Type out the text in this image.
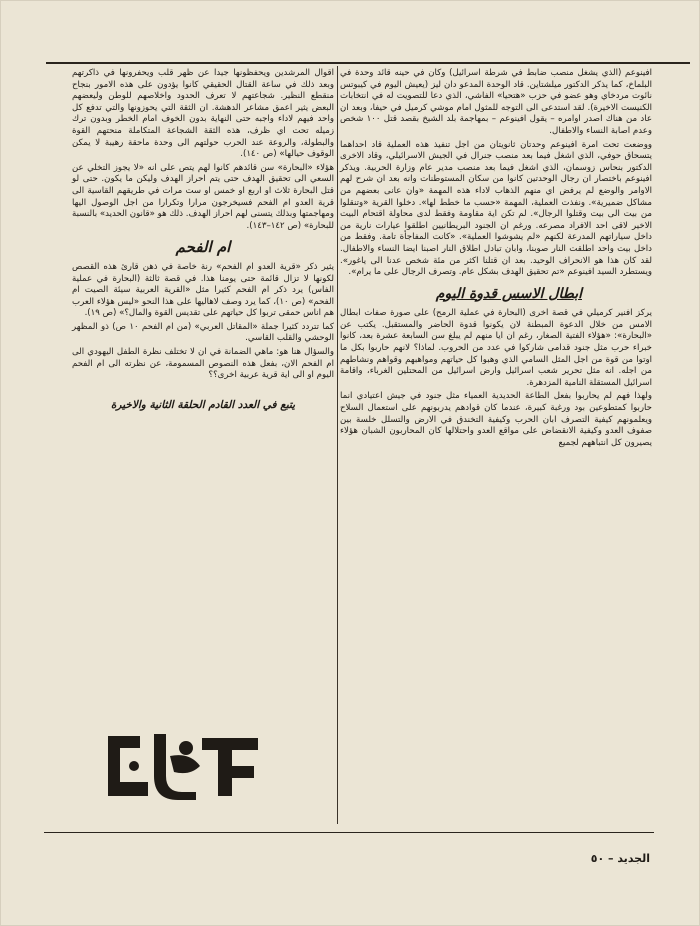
افينوعم (الذي يشغل منصب ضابط في شرطة اسرائيل) وكان في حينه قائد وحدة في البلماخ، كما يذكر الدكتور ميلشتاين. قاد الوحدة المدعو دان ليز (يعيش اليوم في كيبوتس نائوت مردخاي وهو عضو في حزب «هتحيا» الفاشي، الذي دعا للتصويت له في انتخابات الكنيست الاخيرة). لقد استدعى الى التوجه للمثول امام موشي كرميل في حيفا، وبعد ان عاد من هناك اصدر اوامره – يقول افينوعم – بمهاجمة بلد الشيخ بقصد قتل ١٠٠ شخص وعدم اصابة النساء والاطفال.

ووضعت تحت امرة افينوعم وحدتان ثانويتان من اجل تنفيذ هذه العملية قاد احداهما يتسحاق حوفي، الذي اشغل فيما بعد منصب جنرال في الجيش الاسرائيلي، وقاد الاخرى الدكتور بنحاس زوسمان، الذي اشغل فيما بعد منصب مدير عام وزارة الحربية. ويذكر افينوعم باختصار ان رجال الوحدتين كانوا من سكان المستوطنات وانه بعد ان شرح لهم الاوامر والوضع لم يرفض اي منهم الذهاب لاداء هذه المهمة «وان عانى بعضهم من مشاكل ضميرية». ونفذت العملية، المهمة «حسب ما خطط لها». دخلوا القرية «وتنقلوا من بيت الى بيت وقتلوا الرجال». لم تكن اية مقاومة وفقط لدى محاولة اقتحام البيت الاخير لاقى احد الافراد مصرعه. ورغم ان الجنود البريطانيين اطلقوا عيارات نارية من داخل سياراتهم المدرعة لكنهم «لم يشوشوا العملية». «كانت المفاجأة تامة. وفقط من داخل بيت واحد اطلقت النار صوبنا، وابان تبادل اطلاق النار اصبنا ايضا النساء والاطفال. لقد كان هذا هو الانحراف الوحيد. بعد ان قتلنا اكثر من مئة شخص عدنا الى ياغور». ويستطرد السيد افينوعم «تم تحقيق الهدف بشكل عام. وتصرف الرجال على ما يرام».

ابطال الاسس قدوة اليوم

يركز افنير كرميلي في قصة اخرى (البحارة في عملية الرمح) على صورة صفات ابطال الامس من خلال الدعوة المبطنة لان يكونوا قدوة الحاضر والمستقبل. يكتب عن «البحارة»: «هؤلاء الفتية الصغار، رغم ان ايا منهم لم يبلغ سن السابعة عشرة بعد، كانوا خبراء حرب مثل جنود قدامى شاركوا في عدد من الحروب. لماذا؟ لانهم حاربوا بكل ما اوتوا من قوة من اجل المثل السامي الذي وهبوا كل حياتهم ومواهبهم وقواهم ونشاطهم من اجله. انه مثل تحرير شعب اسرائيل وارض اسرائيل من المحتلين الغرباء، واقامة اسرائيل المستقلة النامية المزدهرة.

ولهذا فهم لم يحاربوا بفعل الطاعة الحديدية العمياء مثل جنود في جيش اعتيادي انما حاربوا كمتطوعين بود ورغبة كبيرة، عندما كان قوادهم يدربونهم على استعمال السلاح ويعلمونهم كيفية التصرف ابان الحرب وكيفية التخندق في الارض والتسلل خلسة بين صفوف العدو وكيفية الانقضاض على مواقع العدو واحتلالها كان المحاربون الشبان هؤلاء يصيرون كل انتباههم لجميع

اقوال المرشدين ويحفظونها جيدا عن ظهر قلب ويحفرونها في ذاكرتهم وبعد ذلك في ساعة القتال الحقيقي كانوا يؤدون على هذه الامور بنجاح منقطع النظير. شجاعتهم لا تعرف الحدود واخلاصهم للوطن وليعضهم البعض يثير اعمق مشاعر الدهشة. ان الثقة التي يحوزونها والتي تدفع كل واحد فيهم لاداء واجبه حتى النهاية بدون الخوف امام الخطر وبدون ترك زميله تحت اي ظرف، هذه الثقة الشجاعة المتكاملة منحتهم القوة والبطولة، والروعة عند الحرب حولتهم الى وحدة ماحقة رهيبة لا يمكن الوقوف حيالها» (ص ١٤٠).

هؤلاء «البحارة» سن قائدهم كانوا لهم يتص على انه «لا يجوز التخلي عن السعي الى تحقيق الهدف حتى يتم احراز الهدف وليكن ما يكون. حتى لو قتل البحارة ثلاث او اربع او خمس او ست مرات في طريقهم القاسية الى قرية العدو ام الفحم فسيخرجون مرارا وتكرارا من اجل الوصول اليها ومهاجمتها وبذلك يتسنى لهم احراز الهدف. ذلك هو «قانون الحديد» بالنسبة للبحارة» (ص ١٤٢–١٤٣).

ام الفحم

يثير ذكر «قرية العدو ام الفحم» رنة خاصة في ذهن قارئ هذه القصص لكونها لا تزال قائمة حتى يومنا هذا. في قصة ثالثة (البحارة في عملية الفاس) يرد ذكر ام الفحم كثيرا مثل «القرية العربية سيئة الصيت ام الفحم» (ص ١٠)، كما يرد وصف لاهاليها على هذا النحو «ليس هؤلاء العرب هم اناس حمقى تربوا كل حياتهم على تقديس القوة والمال؟» (ص ١٩).

كما تتردد كثيرا جملة «المقاتل العربي» (من ام الفحم ١٠ ص) ذو المظهر الوحشي والقلب القاسي.

والسؤال هنا هو: ماهي الضمانة في ان لا تختلف نظرة الطفل اليهودي الى ام الفحم الان، بفعل هذه النصوص المسمومة، عن نظرته الى ام الفحم اليوم او الى اية قرية عربية اخرى؟؟

يتبع في العدد القادم الحلقة الثانية والاخيرة
الجديد – ٥٠
